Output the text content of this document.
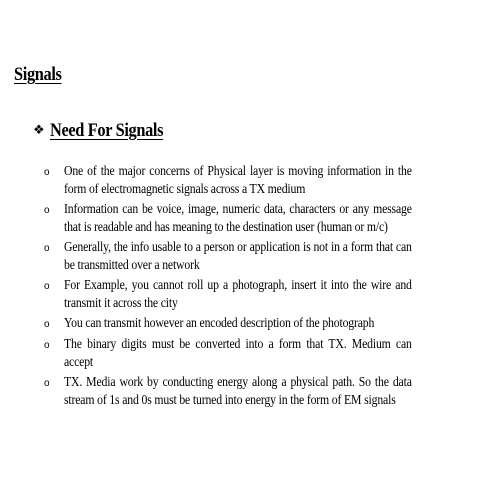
Signals
❖ Need For Signals
o	One of the major concerns of Physical layer is moving information in the form of electromagnetic signals across a TX medium
o	Information can be voice, image, numeric data, characters or any message that is readable and has meaning to the destination user (human or m/c)
o	Generally, the info usable to a person or application is not in a form that can be transmitted over a network
o	For Example, you cannot roll up a photograph, insert it into the wire and transmit it across the city
o	You can transmit however an encoded description of the photograph
o	The binary digits must be converted into a form that TX. Medium can accept
o	TX. Media work by conducting energy along a physical path. So the data stream of 1s and 0s must be turned into energy in the form of EM signals
